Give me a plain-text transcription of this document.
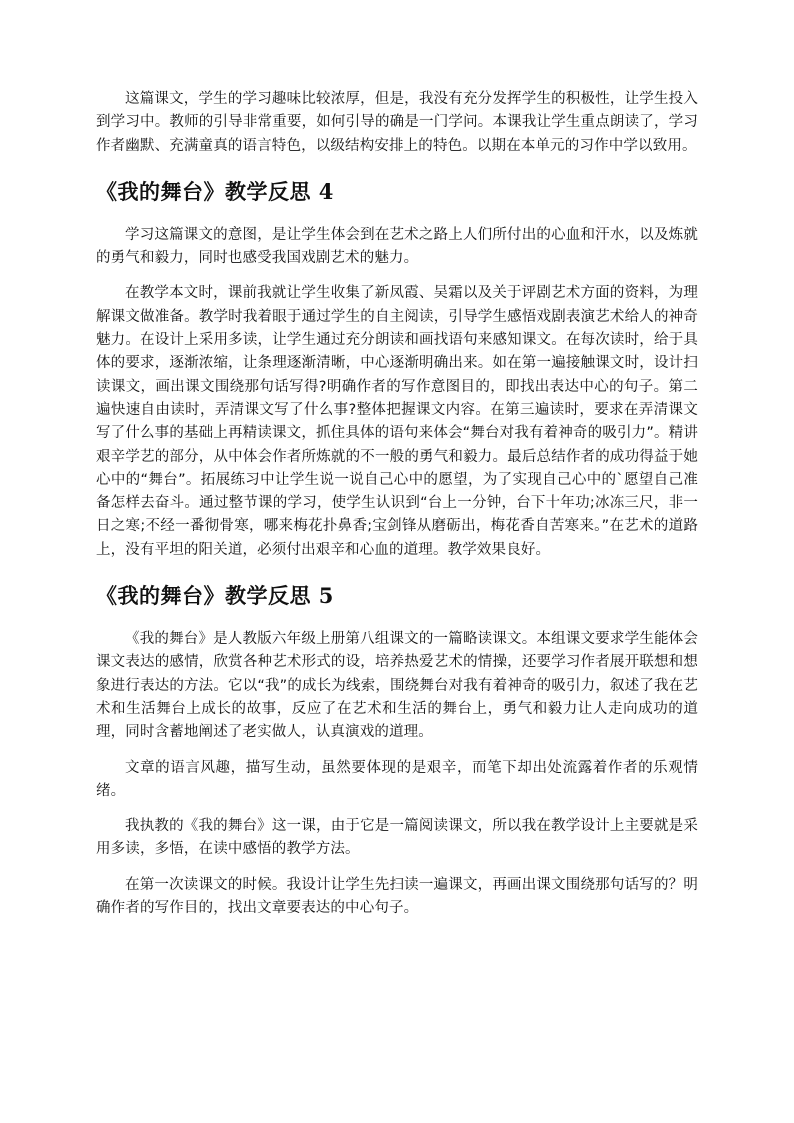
这篇课文，学生的学习趣味比较浓厚，但是，我没有充分发挥学生的积极性，让学生投入到学习中。教师的引导非常重要，如何引导的确是一门学问。本课我让学生重点朗读了，学习作者幽默、充满童真的语言特色，以级结构安排上的特色。以期在本单元的习作中学以致用。

《我的舞台》教学反思 4

学习这篇课文的意图，是让学生体会到在艺术之路上人们所付出的心血和汗水，以及炼就的勇气和毅力，同时也感受我国戏剧艺术的魅力。

在教学本文时，课前我就让学生收集了新凤霞、吴霜以及关于评剧艺术方面的资料，为理解课文做准备。教学时我着眼于通过学生的自主阅读，引导学生感悟戏剧表演艺术给人的神奇魅力。在设计上采用多读，让学生通过充分朗读和画找语句来感知课文。在每次读时，给于具体的要求，逐渐浓缩，让条理逐渐清晰，中心逐渐明确出来。如在第一遍接触课文时，设计扫读课文，画出课文围绕那句话写得?明确作者的写作意图目的，即找出表达中心的句子。第二遍快速自由读时，弄清课文写了什么事?整体把握课文内容。在第三遍读时，要求在弄清课文写了什么事的基础上再精读课文，抓住具体的语句来体会“舞台对我有着神奇的吸引力”。精讲艰辛学艺的部分，从中体会作者所炼就的不一般的勇气和毅力。最后总结作者的成功得益于她心中的“舞台”。拓展练习中让学生说一说自己心中的愿望，为了实现自己心中的`愿望自己准备怎样去奋斗。通过整节课的学习，使学生认识到“台上一分钟，台下十年功;冰冻三尺，非一日之寒;不经一番彻骨寒，哪来梅花扑鼻香;宝剑锋从磨砺出，梅花香自苦寒来。”在艺术的道路上，没有平坦的阳关道，必须付出艰辛和心血的道理。教学效果良好。

《我的舞台》教学反思 5

《我的舞台》是人教版六年级上册第八组课文的一篇略读课文。本组课文要求学生能体会课文表达的感情，欣赏各种艺术形式的设，培养热爱艺术的情操，还要学习作者展开联想和想象进行表达的方法。它以“我”的成长为线索，围绕舞台对我有着神奇的吸引力，叙述了我在艺术和生活舞台上成长的故事，反应了在艺术和生活的舞台上，勇气和毅力让人走向成功的道理，同时含蓄地阐述了老实做人，认真演戏的道理。

文章的语言风趣，描写生动，虽然要体现的是艰辛，而笔下却出处流露着作者的乐观情绪。

我执教的《我的舞台》这一课，由于它是一篇阅读课文，所以我在教学设计上主要就是采用多读，多悟，在读中感悟的教学方法。

在第一次读课文的时候。我设计让学生先扫读一遍课文，再画出课文围绕那句话写的？明确作者的写作目的，找出文章要表达的中心句子。
